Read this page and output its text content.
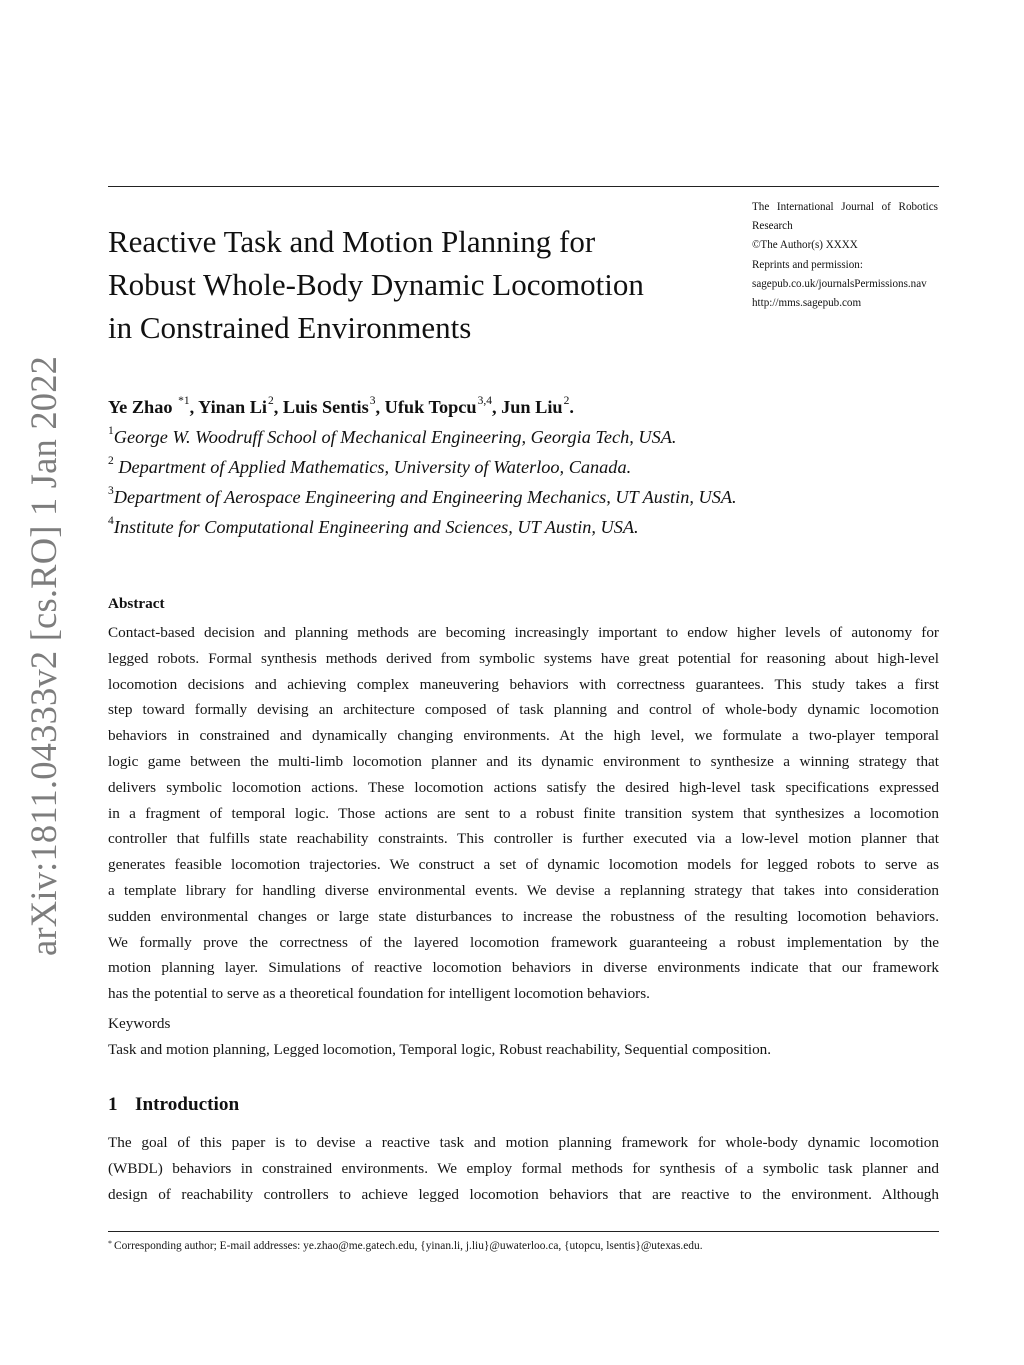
arXiv:1811.04333v2 [cs.RO] 1 Jan 2022
Reactive Task and Motion Planning for
Robust Whole-Body Dynamic Locomotion
in Constrained Environments
The International Journal of Robotics
Research
©The Author(s) XXXX
Reprints and permission:
sagepub.co.uk/journalsPermissions.nav
http://mms.sagepub.com
Ye Zhao $^{*1}$, Yinan Li$^2$, Luis Sentis$^3$, Ufuk Topcu$^{3,4}$, Jun Liu$^2$.
$^1$George W. Woodruff School of Mechanical Engineering, Georgia Tech, USA.
$^2$ Department of Applied Mathematics, University of Waterloo, Canada.
$^3$Department of Aerospace Engineering and Engineering Mechanics, UT Austin, USA.
$^4$Institute for Computational Engineering and Sciences, UT Austin, USA.
Abstract
Contact-based decision and planning methods are becoming increasingly important to endow higher levels of autonomy for
legged robots. Formal synthesis methods derived from symbolic systems have great potential for reasoning about high-level
locomotion decisions and achieving complex maneuvering behaviors with correctness guarantees. This study takes a first
step toward formally devising an architecture composed of task planning and control of whole-body dynamic locomotion
behaviors in constrained and dynamically changing environments. At the high level, we formulate a two-player temporal
logic game between the multi-limb locomotion planner and its dynamic environment to synthesize a winning strategy that
delivers symbolic locomotion actions. These locomotion actions satisfy the desired high-level task specifications expressed
in a fragment of temporal logic. Those actions are sent to a robust finite transition system that synthesizes a locomotion
controller that fulfills state reachability constraints. This controller is further executed via a low-level motion planner that
generates feasible locomotion trajectories. We construct a set of dynamic locomotion models for legged robots to serve as
a template library for handling diverse environmental events. We devise a replanning strategy that takes into consideration
sudden environmental changes or large state disturbances to increase the robustness of the resulting locomotion behaviors.
We formally prove the correctness of the layered locomotion framework guaranteeing a robust implementation by the
motion planning layer. Simulations of reactive locomotion behaviors in diverse environments indicate that our framework
has the potential to serve as a theoretical foundation for intelligent locomotion behaviors.
Keywords
Task and motion planning, Legged locomotion, Temporal logic, Robust reachability, Sequential composition.
1 Introduction
The goal of this paper is to devise a reactive task and motion planning framework for whole-body dynamic locomotion
(WBDL) behaviors in constrained environments. We employ formal methods for synthesis of a symbolic task planner and
design of reachability controllers to achieve legged locomotion behaviors that are reactive to the environment. Although
* Corresponding author; E-mail addresses: ye.zhao@me.gatech.edu, {yinan.li, j.liu}@uwaterloo.ca, {utopcu, lsentis}@utexas.edu.
